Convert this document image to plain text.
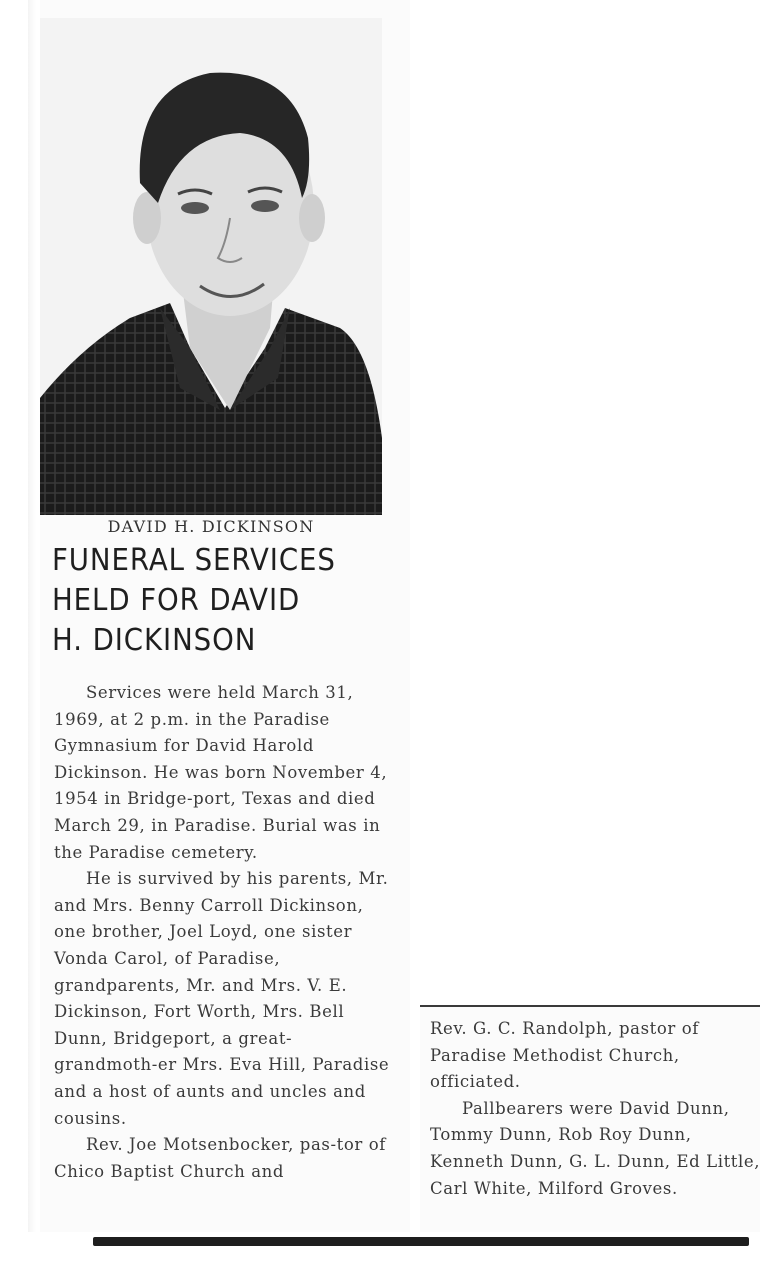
DAVID H. DICKINSON
FUNERAL SERVICES
HELD FOR DAVID
H. DICKINSON

Services were held March 31, 1969, at 2 p.m. in the Paradise Gymnasium for David Harold Dickinson. He was born November 4, 1954 in Bridge-port, Texas and died March 29, in Paradise. Burial was in the Paradise cemetery.

He is survived by his parents, Mr. and Mrs. Benny Carroll Dickinson, one brother, Joel Loyd, one sister Vonda Carol, of Paradise, grandparents, Mr. and Mrs. V. E. Dickinson, Fort Worth, Mrs. Bell Dunn, Bridgeport, a great-grandmoth-er Mrs. Eva Hill, Paradise and a host of aunts and uncles and cousins.

Rev. Joe Motsenbocker, pas-tor of Chico Baptist Church and

Rev. G. C. Randolph, pastor of Paradise Methodist Church, officiated.

Pallbearers were David Dunn, Tommy Dunn, Rob Roy Dunn, Kenneth Dunn, G. L. Dunn, Ed Little, Carl White, Milford Groves.
